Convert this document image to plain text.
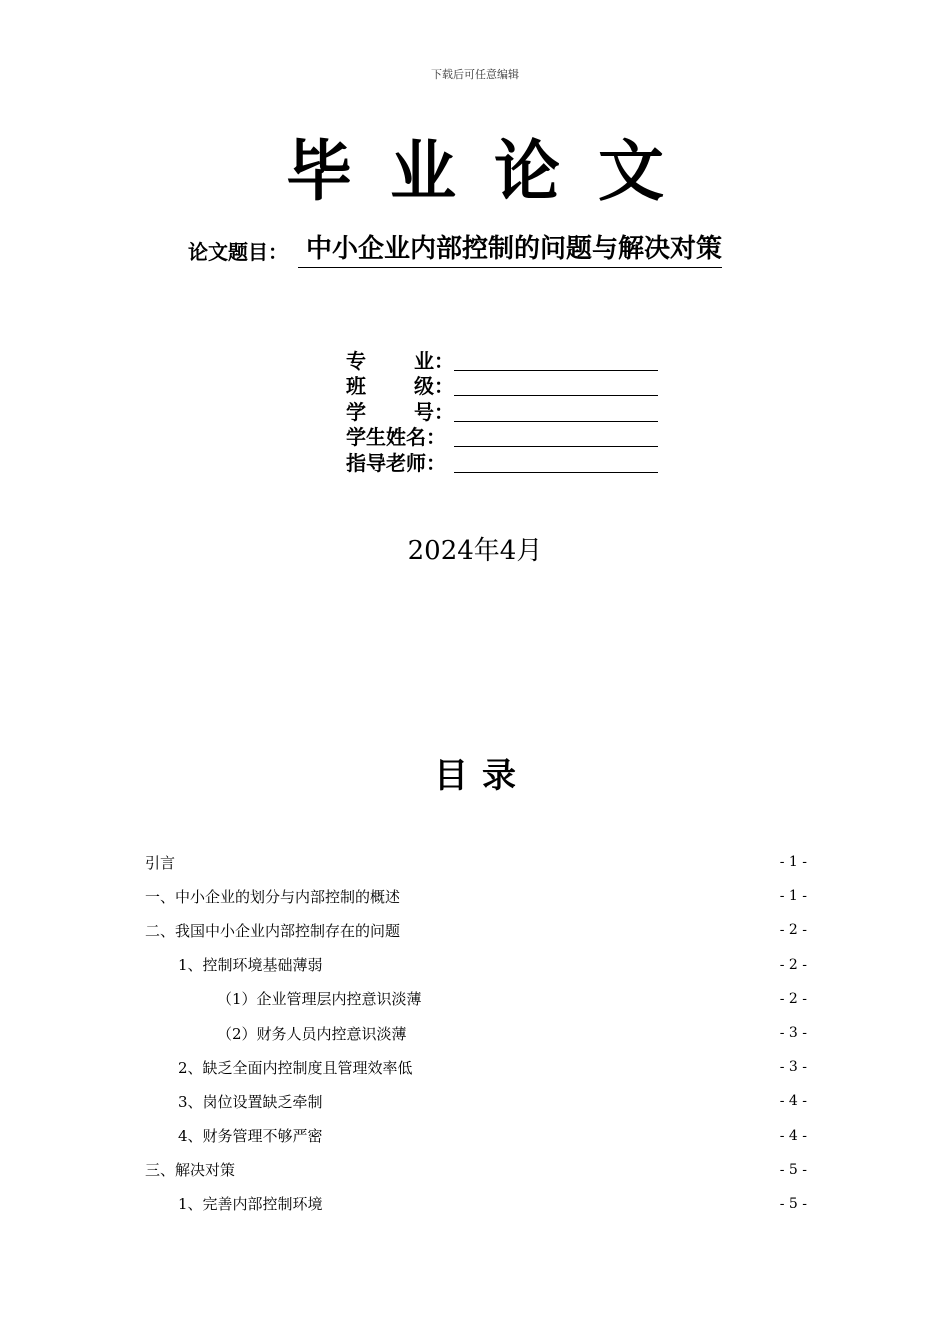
下载后可任意编辑
毕业论文
论文题目： 中小企业内部控制的问题与解决对策
专 业：
班 级：
学 号：
学生姓名：
指导老师：
2024年4月
目录
引言	- 1 -
一、中小企业的划分与内部控制的概述	- 1 -
二、我国中小企业内部控制存在的问题	- 2 -
1、控制环境基础薄弱	- 2 -
（1）企业管理层内控意识淡薄	- 2 -
（2）财务人员内控意识淡薄	- 3 -
2、缺乏全面内控制度且管理效率低	- 3 -
3、岗位设置缺乏牵制	- 4 -
4、财务管理不够严密	- 4 -
三、解决对策	- 5 -
1、完善内部控制环境	- 5 -
